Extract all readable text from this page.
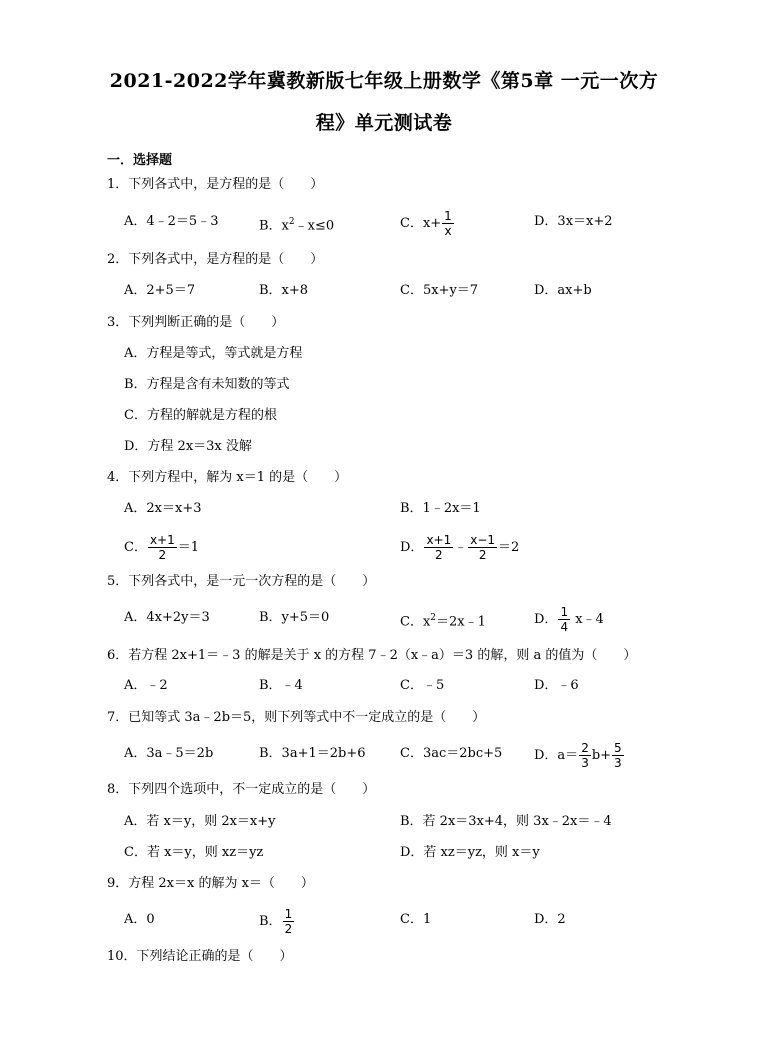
2021-2022学年冀教新版七年级上册数学《第5章 一元一次方
程》单元测试卷
一．选择题
1．下列各式中，是方程的是（　　）
A．4﹣2＝5﹣3	B．$x^2﹣x\le 0$	C．$x+ \frac{1}{x}$	D．3x＝x+2
2．下列各式中，是方程的是（　　）
A．2+5＝7	B．x+8	C．5x+y＝7	D．ax+b
3．下列判断正确的是（　　）
A．方程是等式，等式就是方程
B．方程是含有未知数的等式
C．方程的解就是方程的根
D．方程 2x＝3x 没解
4．下列方程中，解为 x＝1 的是（　　）
A．2x＝x+3	B．1﹣2x＝1
C． $\frac{x+1}{2} =1$	D． $\frac{x+1}{2}$ ﹣ $\frac{x-1}{2} =2$
5．下列各式中，是一元一次方程的是（　　）
A．4x+2y＝3	B．y+5＝0	C．$x^2=2x﹣1$	D． $\frac{1}{4}$ x﹣4
6．若方程 2x+1＝﹣3 的解是关于 x 的方程 7﹣2（x﹣a）＝3 的解，则 a 的值为（　　）
A．﹣2	B．﹣4	C．﹣5	D．﹣6
7．已知等式 3a﹣2b＝5，则下列等式中不一定成立的是（　　）
A．3a﹣5＝2b	B．3a+1＝2b+6	C．3ac＝2bc+5 D．$a= \frac{2}{3} b+ \frac{5}{3}$
8．下列四个选项中，不一定成立的是（　　）
A．若 x＝y，则 2x＝x+y	B．若 2x＝3x+4，则 3x﹣2x＝﹣4
C．若 x＝y，则 xz＝yz	D．若 xz＝yz，则 x＝y
9．方程 2x＝x 的解为 x＝（　　）
A．0	B． $\frac{1}{2}$	C．1	D．2
10．下列结论正确的是（　　）
